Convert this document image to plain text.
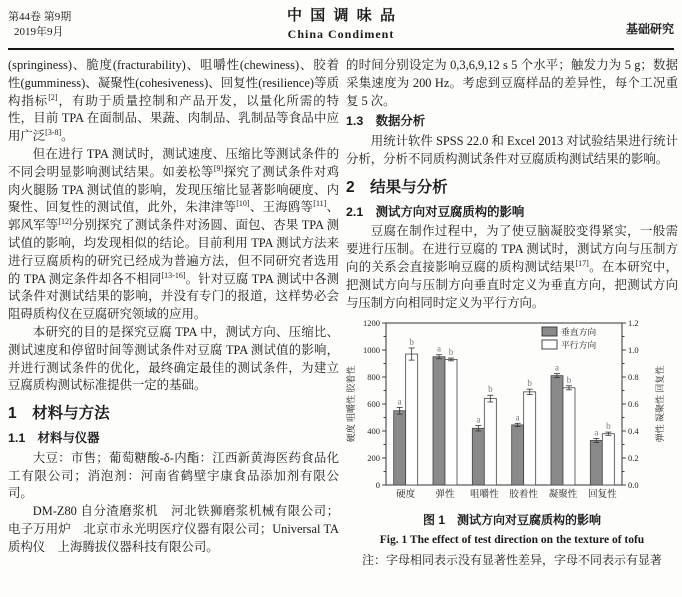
第44卷 第9期
2019年9月
中国调味品
China Condiment	基础研究

(springiness)、脆度(fracturability)、咀嚼性(chewiness)、胶着性(gumminess)、凝聚性(cohesiveness)、回复性(resilience)等质构指标[2]，有助于质量控制和产品开发，以量化所需的特性，目前 TPA 在面制品、果蔬、肉制品、乳制品等食品中应用广泛[3-8]。

但在进行 TPA 测试时，测试速度、压缩比等测试条件的不同会明显影响测试结果。如姜松等[9]探究了测试条件对鸡肉火腿肠 TPA 测试值的影响，发现压缩比显著影响硬度、内聚性、回复性的测试值，此外，朱津津等[10]、王海鸥等[11]、郭风军等[12]分别探究了测试条件对汤圆、面包、杏果 TPA 测试值的影响，均发现相似的结论。目前利用 TPA 测试方法来进行豆腐质构的研究已经成为普遍方法，但不同研究者选用的 TPA 测定条件却各不相同[13-16]。针对豆腐 TPA 测试中各测试条件对测试结果的影响，并没有专门的报道，这样势必会阻碍质构仪在豆腐研究领域的应用。

本研究的目的是探究豆腐 TPA 中，测试方向、压缩比、测试速度和停留时间等测试条件对豆腐 TPA 测试值的影响，并进行测试条件的优化，最终确定最佳的测试条件，为建立豆腐质构测试标准提供一定的基础。

1　材料与方法

1.1　材料与仪器

大豆：市售；葡萄糖酸-δ-内酯：江西新黄海医药食品化工有限公司；消泡剂：河南省鹤壁宇康食品添加剂有限公司。

DM-Z80 自分渣磨浆机　河北铁狮磨浆机械有限公司；电子万用炉　北京市永光明医疗仪器有限公司；Universal TA 质构仪　上海腾拔仪器科技有限公司。

的时间分别设定为 0,3,6,9,12 s 5 个水平；触发力为 5 g；数据采集速度为 200 Hz。考虑到豆腐样品的差异性，每个工况重复 5 次。

1.3　数据分析

用统计软件 SPSS 22.0 和 Excel 2013 对试验结果进行统计分析，分析不同质构测试条件对豆腐质构测试结果的影响。

2　结果与分析

2.1　测试方向对豆腐质构的影响

豆腐在制作过程中，为了使豆脑凝胶变得紧实，一般需要进行压制。在进行豆腐的 TPA 测试时，测试方向与压制方向的关系会直接影响豆腐的质构测试结果[17]。在本研究中，把测试方向与压制方向垂直时定义为垂直方向，把测试方向与压制方向相同时定义为平行方向。

0	0.0
200	0.2
400	0.4
600	0.6
800	0.8
1000	1.0
1200	1.2
硬度 咀嚼性 胶着性	弹性 凝聚性 回复性
硬度
a
b
弹性
a b
咀嚼性
a
b
胶着性
a
b
凝聚性
a
b
回复性
a
b
垂直方向
平行方向
图 1　测试方向对豆腐质构的影响
Fig. 1 The effect of test direction on the texture of tofu
注：字母相同表示没有显著性差异，字母不同表示有显著
